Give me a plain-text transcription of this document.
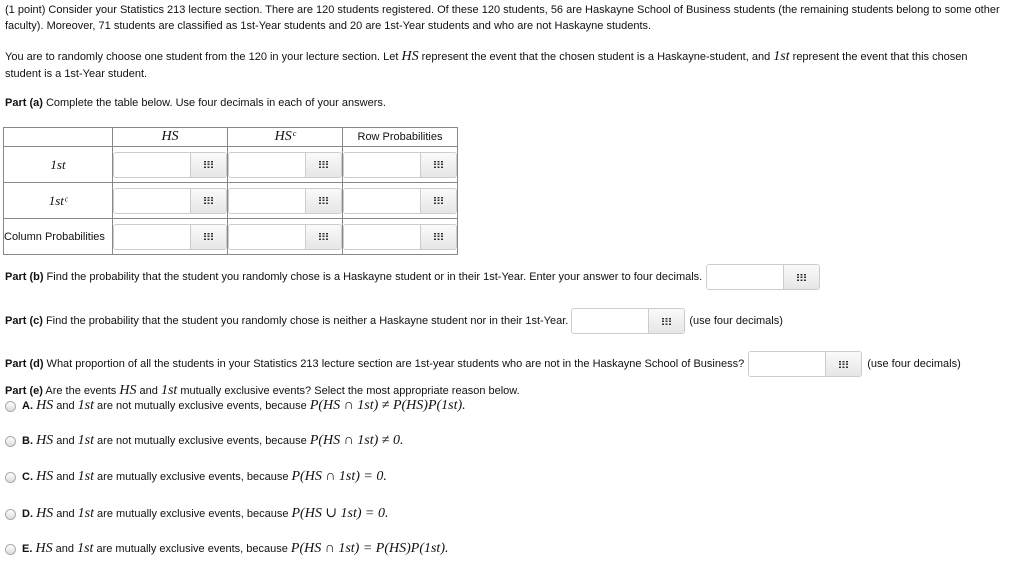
(1 point) Consider your Statistics 213 lecture section. There are 120 students registered. Of these 120 students, 56 are Haskayne School of Business students (the remaining students belong to some other
faculty). Moreover, 71 students are classified as 1st-Year students and 20 are 1st-Year students and who are not Haskayne students.
You are to randomly choose one student from the 120 in your lecture section. Let HS represent the event that the chosen student is a Haskayne-student, and 1st represent the event that this chosen
student is a 1st-Year student.
Part (a) Complete the table below. Use four decimals in each of your answers.
	HS	HSᶜ	Row Probabilities
1st	

1stᶜ	

Column Probabilities	

Part (b) Find the probability that the student you randomly chose is a Haskayne student or in their 1st-Year. Enter your answer to four decimals.
Part (c) Find the probability that the student you randomly chose is neither a Haskayne student nor in their 1st-Year.	(use four decimals)
Part (d) What proportion of all the students in your Statistics 213 lecture section are 1st-year students who are not in the Haskayne School of Business?	(use four decimals)
Part (e) Are the events HS and 1st mutually exclusive events? Select the most appropriate reason below.
A. HS and 1st are not mutually exclusive events, because P(HS ∩ 1st) ≠ P(HS)P(1st).
B. HS and 1st are not mutually exclusive events, because P(HS ∩ 1st) ≠ 0.
C. HS and 1st are mutually exclusive events, because P(HS ∩ 1st) = 0.
D. HS and 1st are mutually exclusive events, because P(HS ∪ 1st) = 0.
E. HS and 1st are mutually exclusive events, because P(HS ∩ 1st) = P(HS)P(1st).
